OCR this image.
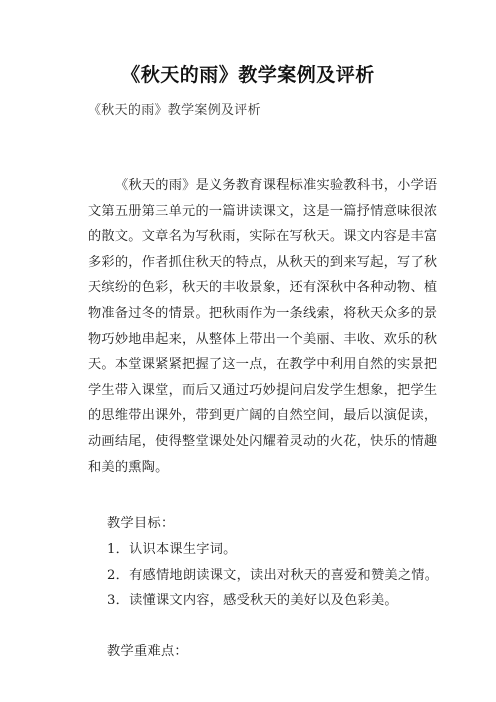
《秋天的雨》教学案例及评析
《秋天的雨》教学案例及评析
《秋天的雨》是义务教育课程标准实验教科书，小学语
文第五册第三单元的一篇讲读课文，这是一篇抒情意味很浓
的散文。文章名为写秋雨，实际在写秋天。课文内容是丰富
多彩的，作者抓住秋天的特点，从秋天的到来写起，写了秋
天缤纷的色彩，秋天的丰收景象，还有深秋中各种动物、植
物准备过冬的情景。把秋雨作为一条线索，将秋天众多的景
物巧妙地串起来，从整体上带出一个美丽、丰收、欢乐的秋
天。本堂课紧紧把握了这一点，在教学中利用自然的实景把
学生带入课堂，而后又通过巧妙提问启发学生想象，把学生
的思维带出课外，带到更广阔的自然空间，最后以演促读，
动画结尾，使得整堂课处处闪耀着灵动的火花，快乐的情趣
和美的熏陶。
教学目标：
1．认识本课生字词。
2．有感情地朗读课文，读出对秋天的喜爱和赞美之情。
3．读懂课文内容，感受秋天的美好以及色彩美。
教学重难点：
